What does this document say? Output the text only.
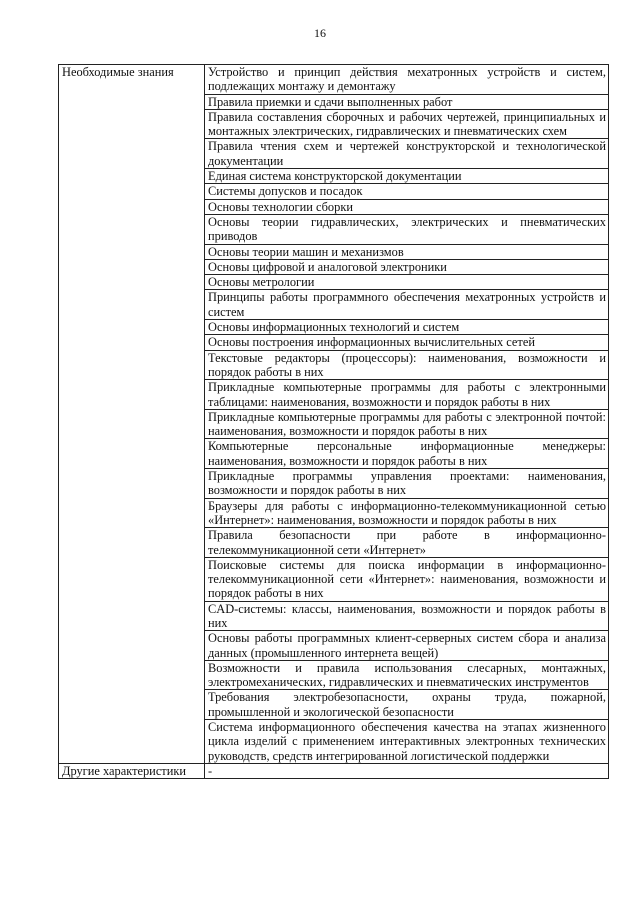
16
Необходимые знания	Устройство и принцип действия мехатронных устройств и систем, подлежащих монтажу и демонтажу
	Правила приемки и сдачи выполненных работ
	Правила составления сборочных и рабочих чертежей, принципиальных и монтажных электрических, гидравлических и пневматических схем
	Правила чтения схем и чертежей конструкторской и технологической документации
	Единая система конструкторской документации
	Системы допусков и посадок
	Основы технологии сборки
	Основы теории гидравлических, электрических и пневматических приводов
	Основы теории машин и механизмов
	Основы цифровой и аналоговой электроники
	Основы метрологии
	Принципы работы программного обеспечения мехатронных устройств и систем
	Основы информационных технологий и систем
	Основы построения информационных вычислительных сетей
	Текстовые редакторы (процессоры): наименования, возможности и порядок работы в них
	Прикладные компьютерные программы для работы с электронными таблицами: наименования, возможности и порядок работы в них
	Прикладные компьютерные программы для работы с электронной почтой: наименования, возможности и порядок работы в них
	Компьютерные персональные информационные менеджеры: наименования, возможности и порядок работы в них
	Прикладные программы управления проектами: наименования, возможности и порядок работы в них
	Браузеры для работы с информационно-телекоммуникационной сетью «Интернет»: наименования, возможности и порядок работы в них
	Правила безопасности при работе в информационно-телекоммуникационной сети «Интернет»
	Поисковые системы для поиска информации в информационно-телекоммуникационной сети «Интернет»: наименования, возможности и порядок работы в них
	CAD-системы: классы, наименования, возможности и порядок работы в них
	Основы работы программных клиент-серверных систем сбора и анализа данных (промышленного интернета вещей)
	Возможности и правила использования слесарных, монтажных, электромеханических, гидравлических и пневматических инструментов
	Требования электробезопасности, охраны труда, пожарной, промышленной и экологической безопасности
	Система информационного обеспечения качества на этапах жизненного цикла изделий с применением интерактивных электронных технических руководств, средств интегрированной логистической поддержки
Другие характеристики	-
